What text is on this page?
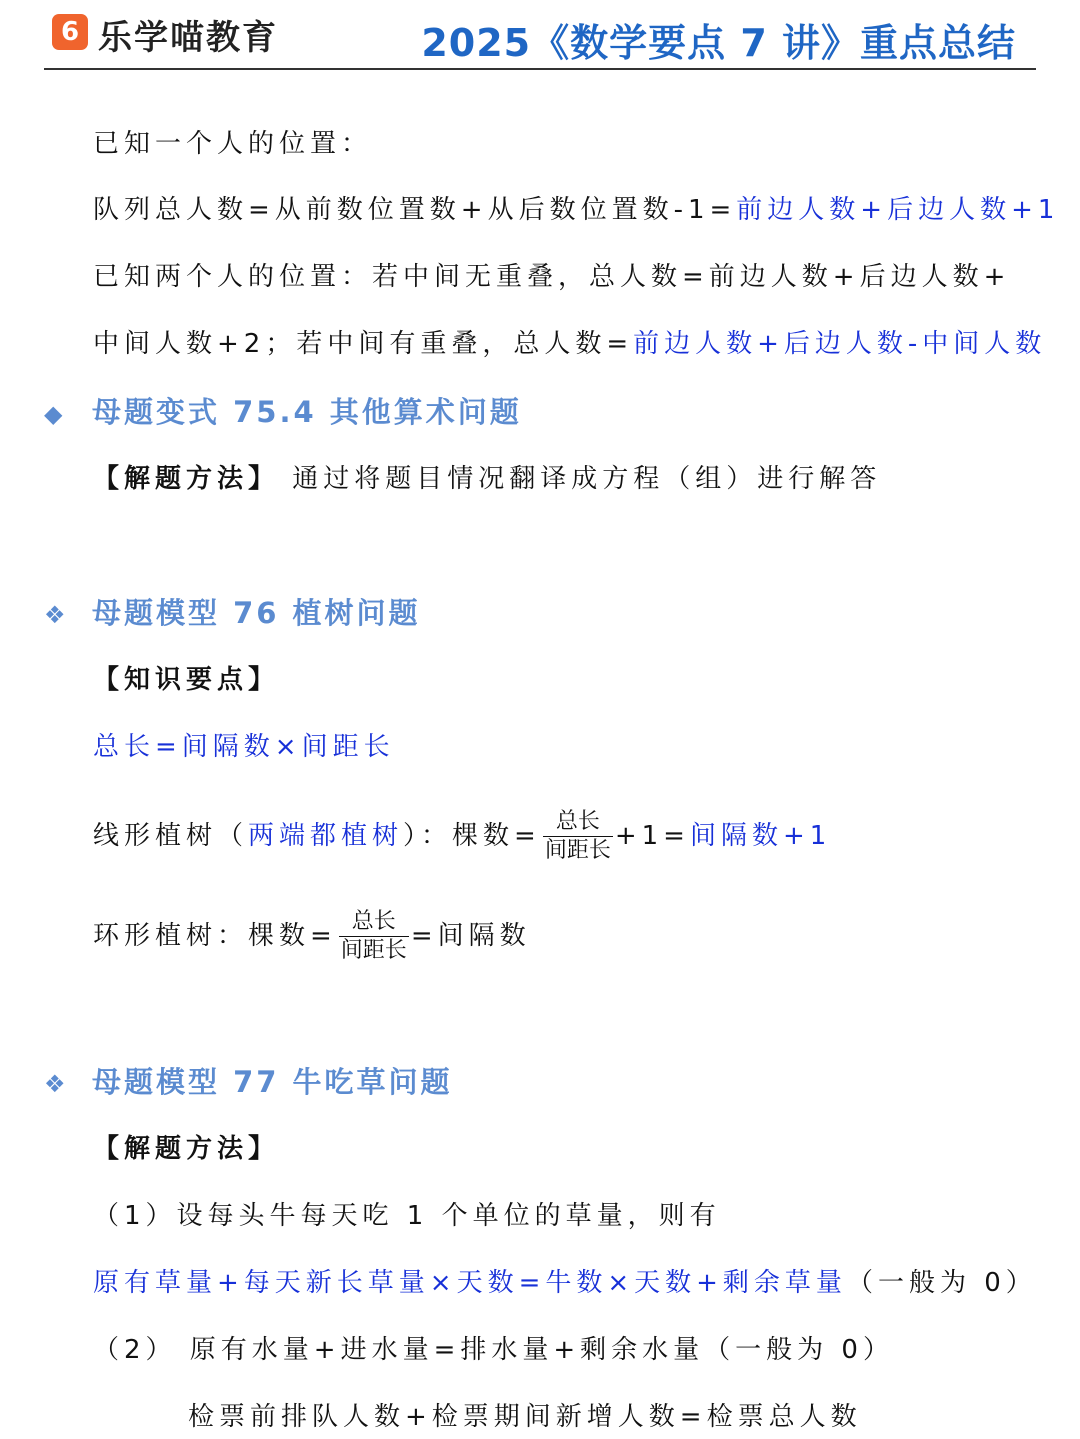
6 乐学喵教育	2025《数学要点 7 讲》重点总结
已知一个人的位置：
队列总人数=从前数位置数+从后数位置数-1=前边人数+后边人数+1
已知两个人的位置：若中间无重叠，总人数=前边人数+后边人数+
中间人数+2；若中间有重叠，总人数=前边人数+后边人数-中间人数
◆ 母题变式 75.4 其他算术问题
【解题方法】 通过将题目情况翻译成方程（组）进行解答
❖ 母题模型 76 植树问题
【知识要点】
总长=间隔数×间距长
线形植树（两端都植树）：棵数= $\frac{\text{总长}}{\text{间距长}} +1=$间隔数+1
环形植树：棵数= $\frac{\text{总长}}{\text{间距长}}$ =间隔数
❖ 母题模型 77 牛吃草问题
【解题方法】
（1）设每头牛每天吃 1 个单位的草量，则有
原有草量+每天新长草量×天数=牛数×天数+剩余草量（一般为 0）
（2） 原有水量+进水量=排水量+剩余水量（一般为 0）
检票前排队人数+检票期间新增人数=检票总人数
